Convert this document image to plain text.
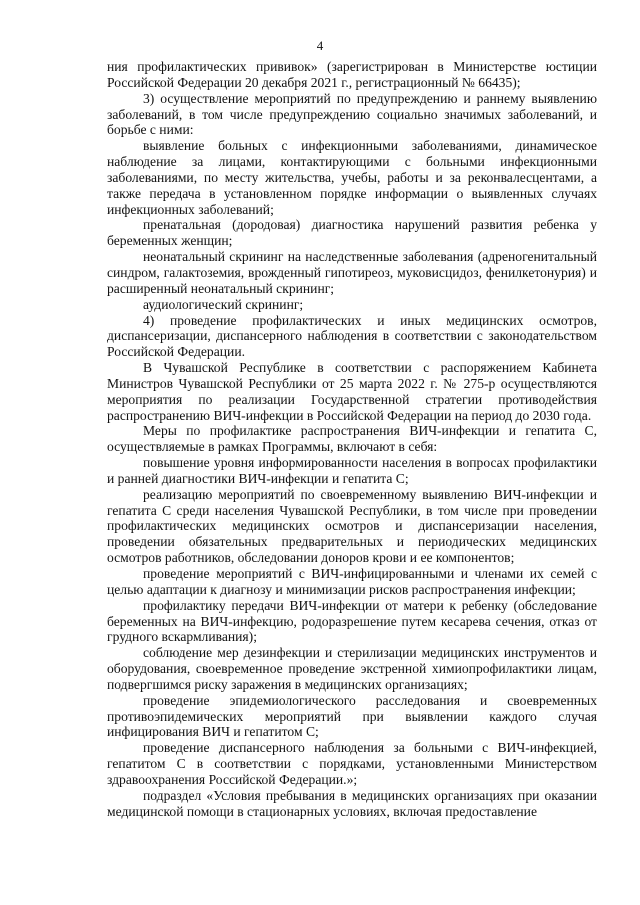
4

ния профилактических прививок» (зарегистрирован в Министерстве юстиции Российской Федерации 20 декабря 2021 г., регистрационный № 66435);

3) осуществление мероприятий по предупреждению и раннему выявлению заболеваний, в том числе предупреждению социально значимых заболеваний, и борьбе с ними:

выявление больных с инфекционными заболеваниями, динамическое наблюдение за лицами, контактирующими с больными инфекционными заболеваниями, по месту жительства, учебы, работы и за реконвалесцентами, а также передача в установленном порядке информации о выявленных случаях инфекционных заболеваний;

пренатальная (дородовая) диагностика нарушений развития ребенка у беременных женщин;

неонатальный скрининг на наследственные заболевания (адреногенитальный синдром, галактоземия, врожденный гипотиреоз, муковисцидоз, фенилкетонурия) и расширенный неонатальный скрининг;

аудиологический скрининг;

4) проведение профилактических и иных медицинских осмотров, диспансеризации, диспансерного наблюдения в соответствии с законодательством Российской Федерации.

В Чувашской Республике в соответствии с распоряжением Кабинета Министров Чувашской Республики от 25 марта 2022 г. № 275-р осуществляются мероприятия по реализации Государственной стратегии противодействия распространению ВИЧ-инфекции в Российской Федерации на период до 2030 года.

Меры по профилактике распространения ВИЧ-инфекции и гепатита С, осуществляемые в рамках Программы, включают в себя:

повышение уровня информированности населения в вопросах профилактики и ранней диагностики ВИЧ-инфекции и гепатита С;

реализацию мероприятий по своевременному выявлению ВИЧ-инфекции и гепатита С среди населения Чувашской Республики, в том числе при проведении профилактических медицинских осмотров и диспансеризации населения, проведении обязательных предварительных и периодических медицинских осмотров работников, обследовании доноров крови и ее компонентов;

проведение мероприятий с ВИЧ-инфицированными и членами их семей с целью адаптации к диагнозу и минимизации рисков распространения инфекции;

профилактику передачи ВИЧ-инфекции от матери к ребенку (обследование беременных на ВИЧ-инфекцию, родоразрешение путем кесарева сечения, отказ от грудного вскармливания);

соблюдение мер дезинфекции и стерилизации медицинских инструментов и оборудования, своевременное проведение экстренной химиопрофилактики лицам, подвергшимся риску заражения в медицинских организациях;

проведение эпидемиологического расследования и своевременных противоэпидемических мероприятий при выявлении каждого случая инфицирования ВИЧ и гепатитом С;

проведение диспансерного наблюдения за больными с ВИЧ-инфекцией, гепатитом С в соответствии с порядками, установленными Министерством здравоохранения Российской Федерации.»;

подраздел «Условия пребывания в медицинских организациях при оказании медицинской помощи в стационарных условиях, включая предоставление
